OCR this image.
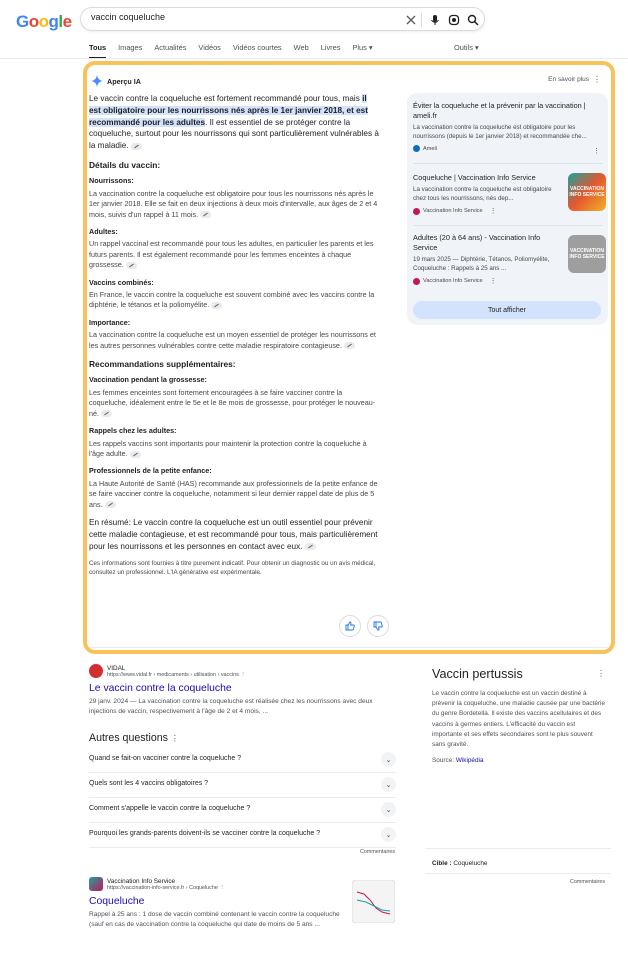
Google
vaccin coqueluche
Tous Images Actualités Vidéos Vidéos courtes Web Livres Plus ▾	Outils ▾
Aperçu IA	En savoir plus ⋮

Le vaccin contre la coqueluche est fortement recommandé pour tous, mais il est obligatoire pour les nourrissons nés après le 1er janvier 2018, et est recommandé pour les adultes. Il est essentiel de se protéger contre la coqueluche, surtout pour les nourrissons qui sont particulièrement vulnérables à la maladie.

Détails du vaccin:
Nourrissons:
La vaccination contre la coqueluche est obligatoire pour tous les nourrissons nés après le 1er janvier 2018. Elle se fait en deux injections à deux mois d'intervalle, aux âges de 2 et 4 mois, suivis d'un rappel à 11 mois.
Adultes:
Un rappel vaccinal est recommandé pour tous les adultes, en particulier les parents et les futurs parents. Il est également recommandé pour les femmes enceintes à chaque grossesse.
Vaccins combinés:
En France, le vaccin contre la coqueluche est souvent combiné avec les vaccins contre la diphtérie, le tétanos et la poliomyélite.
Importance:
La vaccination contre la coqueluche est un moyen essentiel de protéger les nourrissons et les autres personnes vulnérables contre cette maladie respiratoire contagieuse.
Recommandations supplémentaires:
Vaccination pendant la grossesse:
Les femmes enceintes sont fortement encouragées à se faire vacciner contre la coqueluche, idéalement entre le 5e et le 8e mois de grossesse, pour protéger le nouveau-né.
Rappels chez les adultes:
Les rappels vaccins sont importants pour maintenir la protection contre la coqueluche à l'âge adulte.
Professionnels de la petite enfance:
La Haute Autorité de Santé (HAS) recommande aux professionnels de la petite enfance de se faire vacciner contre la coqueluche, notamment si leur dernier rappel date de plus de 5 ans.

En résumé: Le vaccin contre la coqueluche est un outil essentiel pour prévenir cette maladie contagieuse, et est recommandé pour tous, mais particulièrement pour les nourrissons et les personnes en contact avec eux.

Ces informations sont fournies à titre purement indicatif. Pour obtenir un diagnostic ou un avis médical, consultez un professionnel. L'IA générative est expérimentale.
Éviter la coqueluche et la prévenir par la vaccination | ameli.fr
La vaccination contre la coqueluche est obligatoire pour les nourrissons (depuis le 1er janvier 2018) et recommandée che...
Ameli	⋮
Coqueluche | Vaccination Info Service
La vaccination contre la coqueluche est obligatoire chez tous les nourrissons, nés dep...
Vaccination Info Service ⋮
VACCINATION INFO SERVICE
Adultes (20 à 64 ans) - Vaccination Info Service
19 mars 2025 — Diphtérie, Tétanos, Poliomyélite, Coqueluche : Rappels à 25 ans ...
Vaccination Info Service ⋮
VACCINATION INFO SERVICE
Tout afficher
VIDAL
https://www.vidal.fr › medicaments › utilisation › vaccins ⋮
Le vaccin contre la coqueluche
29 janv. 2024 — La vaccination contre la coqueluche est réalisée chez les nourrissons avec deux injections de vaccin, respectivement à l'âge de 2 et 4 mois, ...
Autres questions ⋮
Quand se fait-on vacciner contre la coqueluche ?	⌄
Quels sont les 4 vaccins obligatoires ?	⌄
Comment s'appelle le vaccin contre la coqueluche ?	⌄
Pourquoi les grands-parents doivent-ils se vacciner contre la coqueluche ?	⌄
Commentaires
Vaccination Info Service
https://vaccination-info-service.fr › Coqueluche ⋮
Coqueluche
Rappel à 25 ans : 1 dose de vaccin combiné contenant le vaccin contre la coqueluche (sauf en cas de vaccination contre la coqueluche qui date de moins de 5 ans ...
Vaccin pertussis	⋮
Le vaccin contre la coqueluche est un vaccin destiné à prévenir la coqueluche, une maladie causée par une bactérie du genre Bordetella. Il existe des vaccins acellulaires et des vaccins à germes entiers. L'efficacité du vaccin est importante et ses effets secondaires sont le plus souvent sans gravité.
Source: Wikipédia
Cible : Coqueluche
Commentaires
